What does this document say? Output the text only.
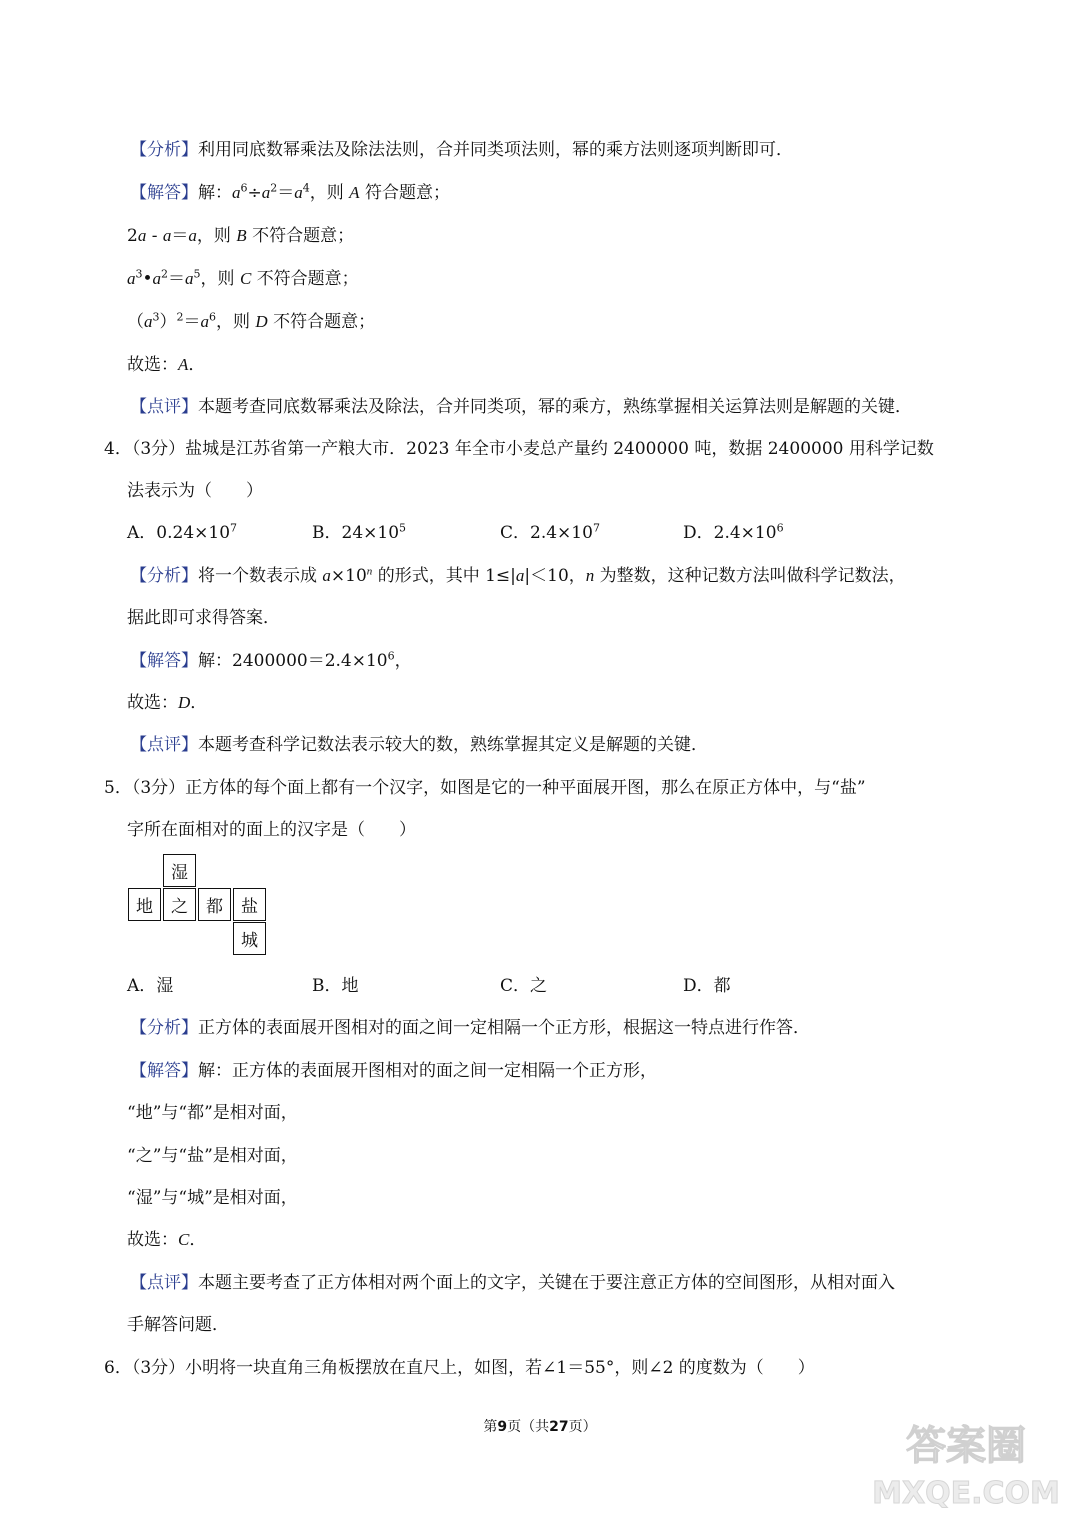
【分析】利用同底数幂乘法及除法法则，合并同类项法则，幂的乘方法则逐项判断即可．
【解答】解：$a^6\div a^2=a^4$，则 A 符合题意；
2a - a＝a，则 B 不符合题意；
$a^3•a^2=a^5$，则 C 不符合题意；
$(a^3)^2=a^6$，则 D 不符合题意；
故选：A．
【点评】本题考查同底数幂乘法及除法，合并同类项，幂的乘方，熟练掌握相关运算法则是解题的关键．
4．（3分）盐城是江苏省第一产粮大市．2023 年全市小麦总产量约 2400000 吨，数据 2400000 用科学记数
法表示为（　　）
A．$0.24\times 10^7$	B．$24\times 10^5$	C．$2.4\times 10^7$	D．$2.4\times 10^6$
【分析】将一个数表示成 $a\times 10^n$ 的形式，其中 1≤|a|＜10，n 为整数，这种记数方法叫做科学记数法，
据此即可求得答案．
【解答】解：$2400000=2.4\times 10^6$，
故选：D．
【点评】本题考查科学记数法表示较大的数，熟练掌握其定义是解题的关键．
5．（3分）正方体的每个面上都有一个汉字，如图是它的一种平面展开图，那么在原正方体中，与“盐”
字所在面相对的面上的汉字是（　　）
湿
地	之	都	盐
城
A．湿	B．地	C．之	D．都
【分析】正方体的表面展开图相对的面之间一定相隔一个正方形，根据这一特点进行作答．
【解答】解：正方体的表面展开图相对的面之间一定相隔一个正方形，
“地”与“都”是相对面，
“之”与“盐”是相对面，
“湿”与“城”是相对面，
故选：C．
【点评】本题主要考查了正方体相对两个面上的文字，关键在于要注意正方体的空间图形，从相对面入
手解答问题．
6．（3分）小明将一块直角三角板摆放在直尺上，如图，若∠1＝55°，则∠2 的度数为（　　）
第9页（共27页）	答案圈
MXQE.COM
